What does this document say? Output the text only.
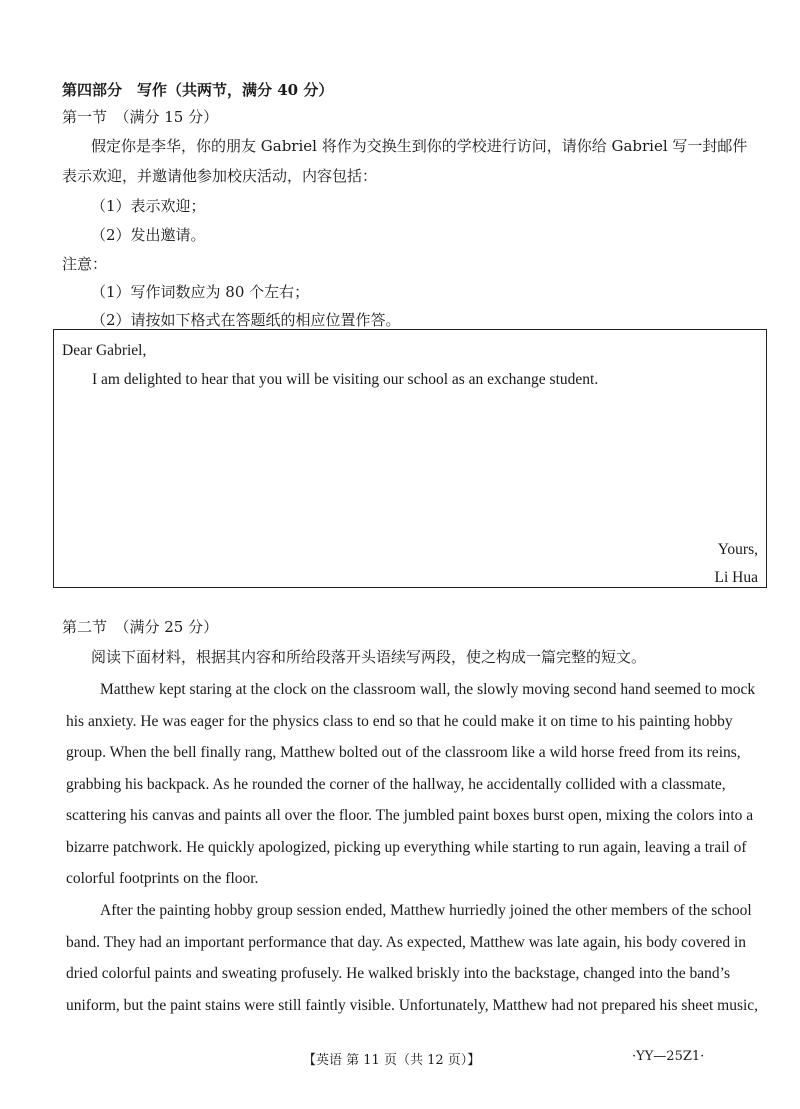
第四部分　写作（共两节，满分 40 分）
第一节　（满分 15 分）
假定你是李华，你的朋友 Gabriel 将作为交换生到你的学校进行访问，请你给 Gabriel 写一封邮件
表示欢迎，并邀请他参加校庆活动，内容包括：
（1）表示欢迎；
（2）发出邀请。
注意：
（1）写作词数应为 80 个左右；
（2）请按如下格式在答题纸的相应位置作答。
Dear Gabriel,
I am delighted to hear that you will be visiting our school as an exchange student.
Yours,
Li Hua
第二节　（满分 25 分）
阅读下面材料，根据其内容和所给段落开头语续写两段，使之构成一篇完整的短文。
Matthew kept staring at the clock on the classroom wall, the slowly moving second hand seemed to mock
his anxiety. He was eager for the physics class to end so that he could make it on time to his painting hobby
group. When the bell finally rang, Matthew bolted out of the classroom like a wild horse freed from its reins,
grabbing his backpack. As he rounded the corner of the hallway, he accidentally collided with a classmate,
scattering his canvas and paints all over the floor. The jumbled paint boxes burst open, mixing the colors into a
bizarre patchwork. He quickly apologized, picking up everything while starting to run again, leaving a trail of
colorful footprints on the floor.
After the painting hobby group session ended, Matthew hurriedly joined the other members of the school
band. They had an important performance that day. As expected, Matthew was late again, his body covered in
dried colorful paints and sweating profusely. He walked briskly into the backstage, changed into the band’s
uniform, but the paint stains were still faintly visible. Unfortunately, Matthew had not prepared his sheet music,
【英语 第 11 页（共 12 页）】	·YY—25Z1·
